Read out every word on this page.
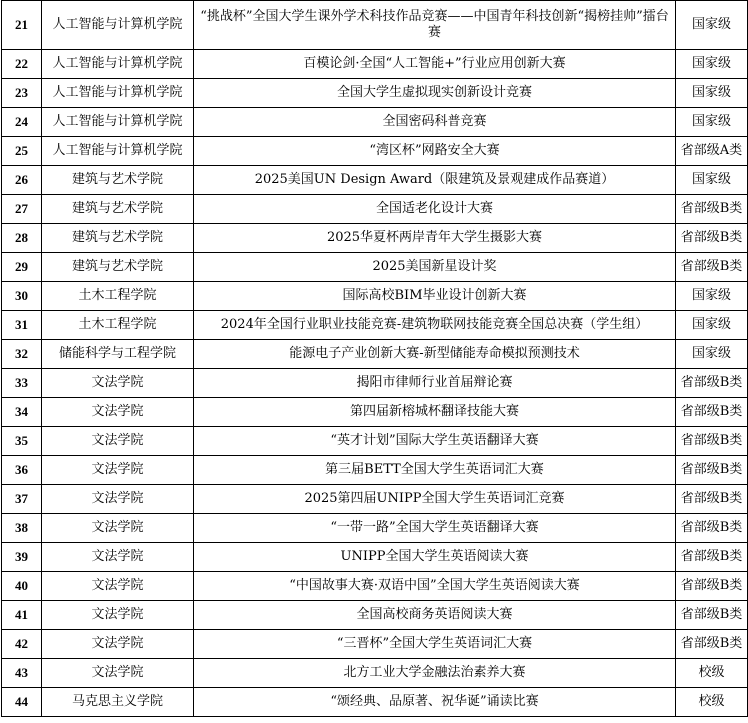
21	人工智能与计算机学院	“挑战杯”全国大学生课外学术科技作品竞赛——中国青年科技创新“揭榜挂帅”擂台赛	国家级
22	人工智能与计算机学院	百模论剑·全国“人工智能+”行业应用创新大赛	国家级
23	人工智能与计算机学院	全国大学生虚拟现实创新设计竞赛	国家级
24	人工智能与计算机学院	全国密码科普竞赛	国家级
25	人工智能与计算机学院	“湾区杯”网路安全大赛	省部级A类
26	建筑与艺术学院	2025美国UN Design Award（限建筑及景观建成作品赛道）	国家级
27	建筑与艺术学院	全国适老化设计大赛	省部级B类
28	建筑与艺术学院	2025华夏杯两岸青年大学生摄影大赛	省部级B类
29	建筑与艺术学院	2025美国新星设计奖	省部级B类
30	土木工程学院	国际高校BIM毕业设计创新大赛	国家级
31	土木工程学院	2024年全国行业职业技能竞赛-建筑物联网技能竞赛全国总决赛（学生组）	国家级
32	储能科学与工程学院	能源电子产业创新大赛-新型储能寿命模拟预测技术	国家级
33	文法学院	揭阳市律师行业首届辩论赛	省部级B类
34	文法学院	第四届新榕城杯翻译技能大赛	省部级B类
35	文法学院	“英才计划”国际大学生英语翻译大赛	省部级B类
36	文法学院	第三届BETT全国大学生英语词汇大赛	省部级B类
37	文法学院	2025第四届UNIPP全国大学生英语词汇竞赛	省部级B类
38	文法学院	“一带一路”全国大学生英语翻译大赛	省部级B类
39	文法学院	UNIPP全国大学生英语阅读大赛	省部级B类
40	文法学院	“中国故事大赛·双语中国”全国大学生英语阅读大赛	省部级B类
41	文法学院	全国高校商务英语阅读大赛	省部级B类
42	文法学院	“三晋杯”全国大学生英语词汇大赛	省部级B类
43	文法学院	北方工业大学金融法治素养大赛	校级
44	马克思主义学院	“颂经典、品原著、祝华诞”诵读比赛	校级
